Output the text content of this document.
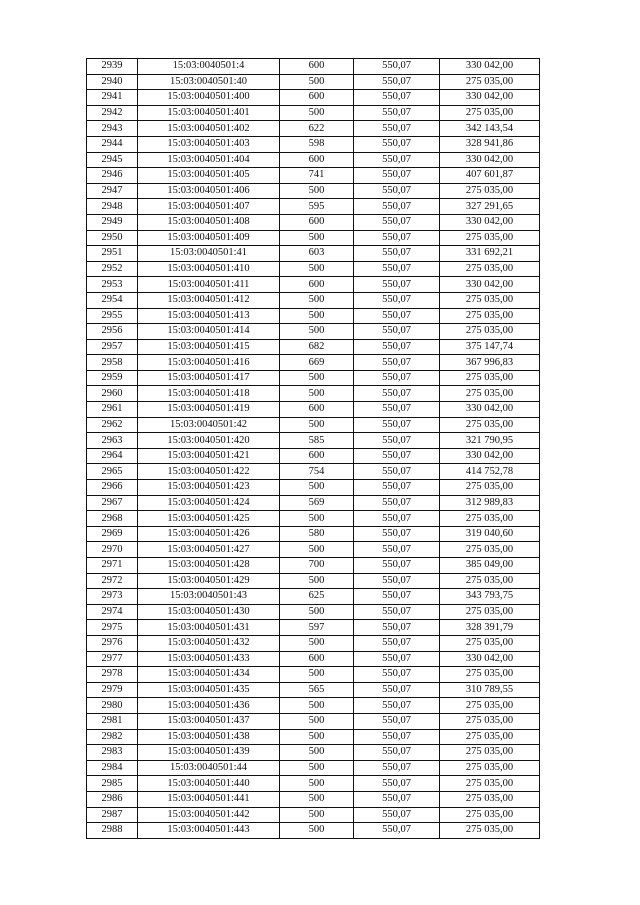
2939	15:03:0040501:4	600	550,07	330 042,00
2940	15:03:0040501:40	500	550,07	275 035,00
2941	15:03:0040501:400	600	550,07	330 042,00
2942	15:03:0040501:401	500	550,07	275 035,00
2943	15:03:0040501:402	622	550,07	342 143,54
2944	15:03:0040501:403	598	550,07	328 941,86
2945	15:03:0040501:404	600	550,07	330 042,00
2946	15:03:0040501:405	741	550,07	407 601,87
2947	15:03:0040501:406	500	550,07	275 035,00
2948	15:03:0040501:407	595	550,07	327 291,65
2949	15:03:0040501:408	600	550,07	330 042,00
2950	15:03:0040501:409	500	550,07	275 035,00
2951	15:03:0040501:41	603	550,07	331 692,21
2952	15:03:0040501:410	500	550,07	275 035,00
2953	15:03:0040501:411	600	550,07	330 042,00
2954	15:03:0040501:412	500	550,07	275 035,00
2955	15:03:0040501:413	500	550,07	275 035,00
2956	15:03:0040501:414	500	550,07	275 035,00
2957	15:03:0040501:415	682	550,07	375 147,74
2958	15:03:0040501:416	669	550,07	367 996,83
2959	15:03:0040501:417	500	550,07	275 035,00
2960	15:03:0040501:418	500	550,07	275 035,00
2961	15:03:0040501:419	600	550,07	330 042,00
2962	15:03:0040501:42	500	550,07	275 035,00
2963	15:03:0040501:420	585	550,07	321 790,95
2964	15:03:0040501:421	600	550,07	330 042,00
2965	15:03:0040501:422	754	550,07	414 752,78
2966	15:03:0040501:423	500	550,07	275 035,00
2967	15:03:0040501:424	569	550,07	312 989,83
2968	15:03:0040501:425	500	550,07	275 035,00
2969	15:03:0040501:426	580	550,07	319 040,60
2970	15:03:0040501:427	500	550,07	275 035,00
2971	15:03:0040501:428	700	550,07	385 049,00
2972	15:03:0040501:429	500	550,07	275 035,00
2973	15:03:0040501:43	625	550,07	343 793,75
2974	15:03:0040501:430	500	550,07	275 035,00
2975	15:03:0040501:431	597	550,07	328 391,79
2976	15:03:0040501:432	500	550,07	275 035,00
2977	15:03:0040501:433	600	550,07	330 042,00
2978	15:03:0040501:434	500	550,07	275 035,00
2979	15:03:0040501:435	565	550,07	310 789,55
2980	15:03:0040501:436	500	550,07	275 035,00
2981	15:03:0040501:437	500	550,07	275 035,00
2982	15:03:0040501:438	500	550,07	275 035,00
2983	15:03:0040501:439	500	550,07	275 035,00
2984	15:03:0040501:44	500	550,07	275 035,00
2985	15:03:0040501:440	500	550,07	275 035,00
2986	15:03:0040501:441	500	550,07	275 035,00
2987	15:03:0040501:442	500	550,07	275 035,00
2988	15:03:0040501:443	500	550,07	275 035,00
